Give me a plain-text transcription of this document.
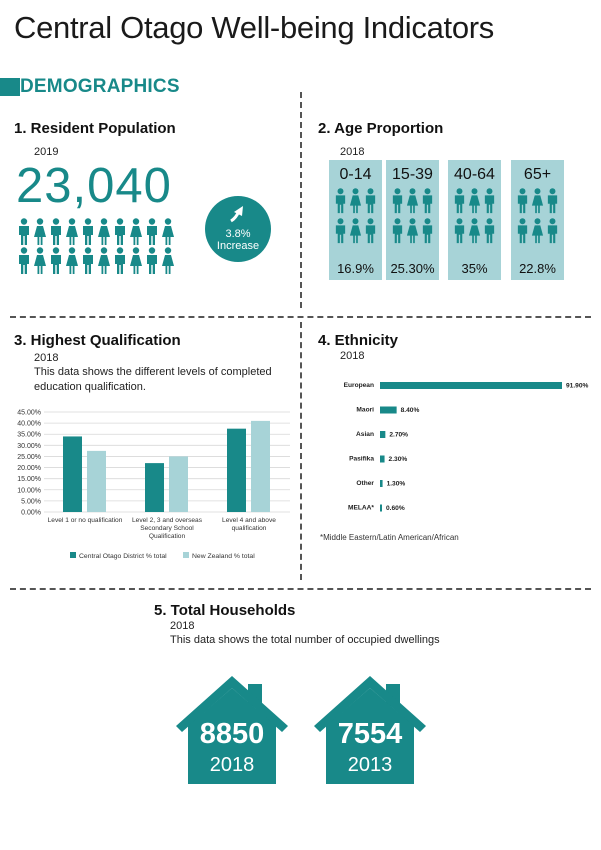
Central Otago Well-being Indicators
DEMOGRAPHICS
1. Resident Population
2019
23,040
3.8%
Increase
2. Age Proportion
2018
0-14
16.9%
15-39
25.30%
40-64
35%
65+
22.8%
3. Highest Qualification
2018
This data shows the different levels of completed education qualification.
0.00%
5.00%
10.00%
15.00%
20.00%
25.00%
30.00%
35.00%
40.00%
45.00%
Level 1 or no qualification Level 2, 3 and overseas
Secondary School
Qualification
Level 4 and above
qualification
Central Otago District % total	New Zealand % total
4. Ethnicity
2018
European	91.90%
Maori	8.40%
Asian 2.70%
Pasifika 2.30%
Other 1.30%
MELAA* 0.60%
*Middle Eastern/Latin American/African
5. Total Households
2018
This data shows the total number of occupied dwellings
8850
2018
7554
2013
